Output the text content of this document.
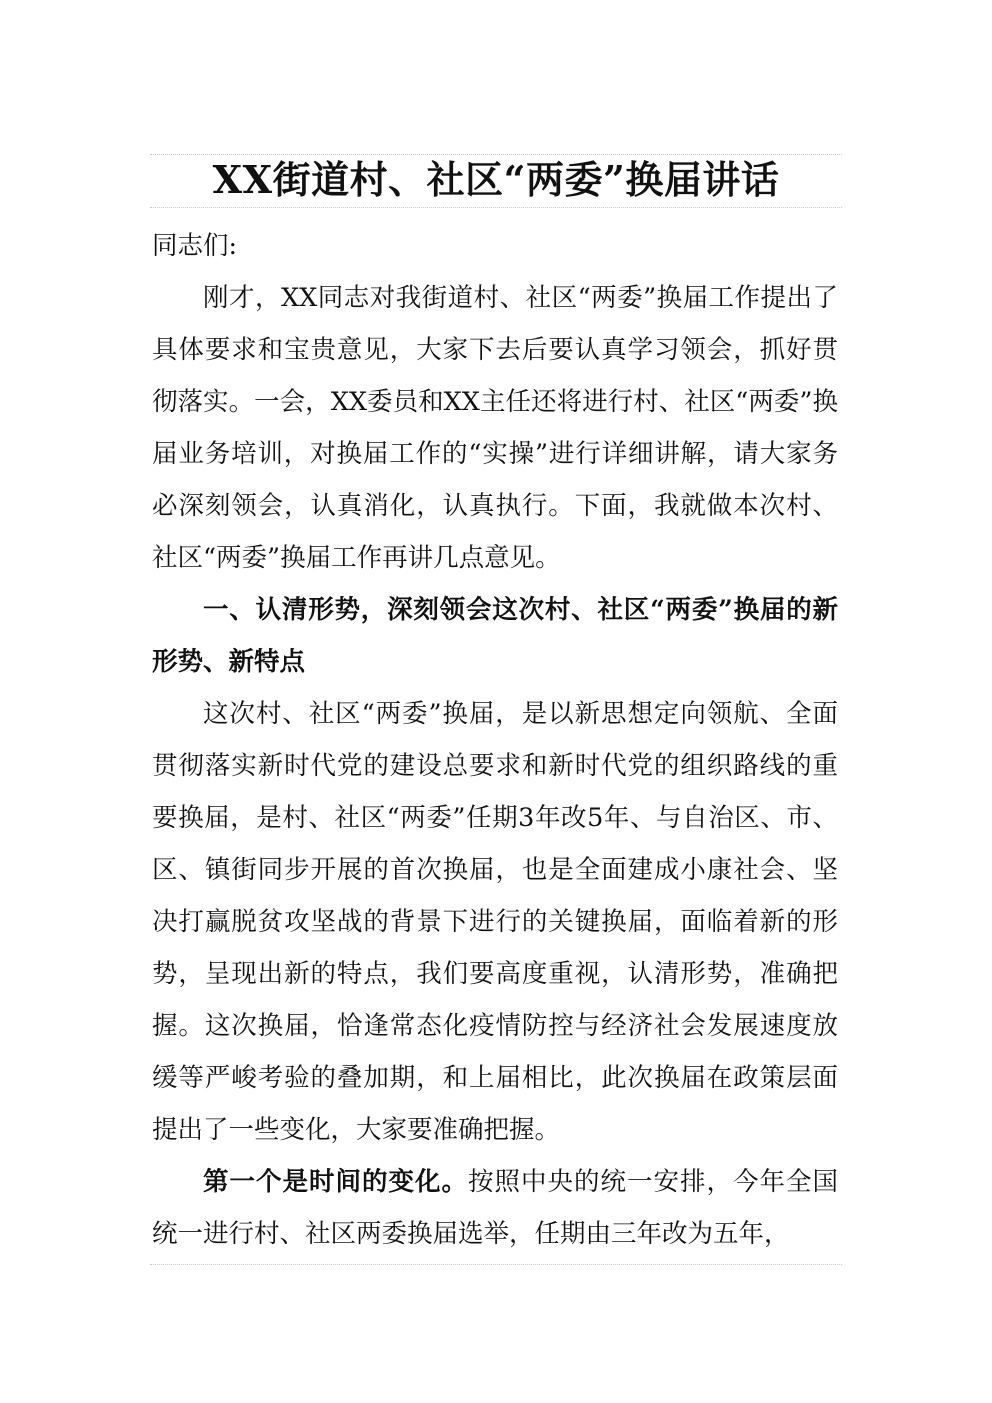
XX街道村、社区“两委”换届讲话

同志们:

刚才，XX同志对我街道村、社区“两委”换届工作提出了具体要求和宝贵意见，大家下去后要认真学习领会，抓好贯彻落实。一会，XX委员和XX主任还将进行村、社区“两委”换届业务培训，对换届工作的“实操”进行详细讲解，请大家务必深刻领会，认真消化，认真执行。下面，我就做本次村、社区“两委”换届工作再讲几点意见。

一、认清形势，深刻领会这次村、社区“两委”换届的新形势、新特点

这次村、社区“两委”换届，是以新思想定向领航、全面贯彻落实新时代党的建设总要求和新时代党的组织路线的重要换届，是村、社区“两委”任期3年改5年、与自治区、市、区、镇街同步开展的首次换届，也是全面建成小康社会、坚决打赢脱贫攻坚战的背景下进行的关键换届，面临着新的形势，呈现出新的特点，我们要高度重视，认清形势，准确把握。这次换届，恰逢常态化疫情防控与经济社会发展速度放缓等严峻考验的叠加期，和上届相比，此次换届在政策层面提出了一些变化，大家要准确把握。

第一个是时间的变化。按照中央的统一安排，今年全国统一进行村、社区两委换届选举，任期由三年改为五年，
